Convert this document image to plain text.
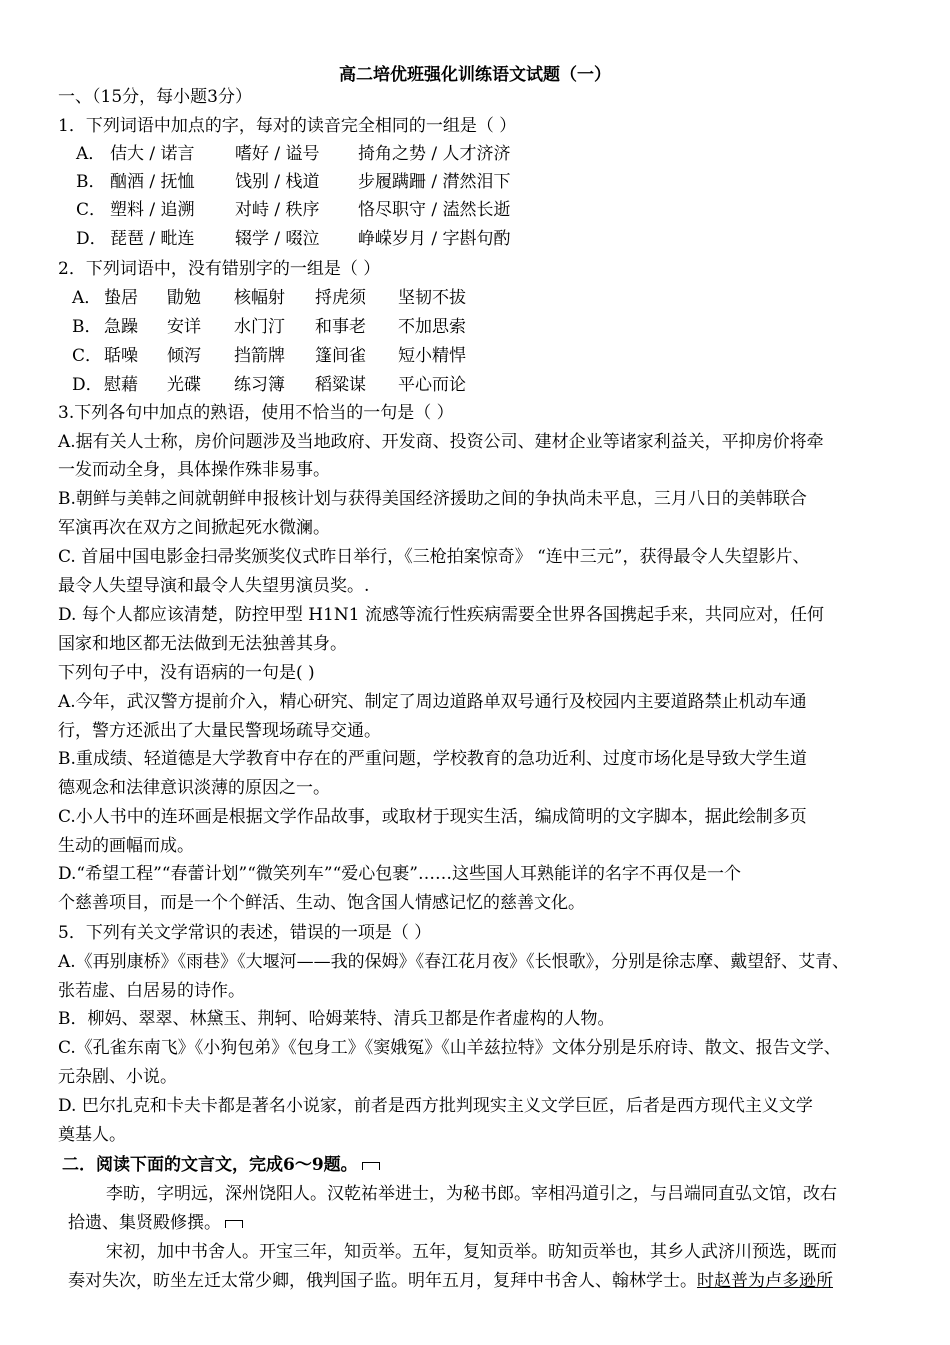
高二培优班强化训练语文试题（一）
一、（15分，每小题3分）
1．下列词语中加点的字，每对的读音完全相同的一组是（ ）
A． 佶大 / 诺言 嗜好 / 谥号 掎角之势 / 人才济济
B． 酗酒 / 抚恤 饯别 / 栈道 步履蹒跚 / 潸然泪下
C． 塑料 / 追溯 对峙 / 秩序 恪尽职守 / 溘然长逝
D． 琵琶 / 毗连 辍学 / 啜泣 峥嵘岁月 / 字斟句酌
2．下列词语中，没有错别字的一组是（ ）
A． 蛰居 勖勉 核幅射 捋虎须 坚韧不拔
B． 急躁 安详 水门汀 和事老 不加思索
C． 聒噪 倾泻 挡箭牌 篷间雀 短小精悍
D． 慰藉 光碟 练习簿 稻粱谋 平心而论
3.下列各句中加点的熟语，使用不恰当的一句是（ ）
A.据有关人士称，房价问题涉及当地政府、开发商、投资公司、建材企业等诸家利益关，平抑房价将牵
一发而动全身，具体操作殊非易事。
B.朝鲜与美韩之间就朝鲜申报核计划与获得美国经济援助之间的争执尚未平息，三月八日的美韩联合
军演再次在双方之间掀起死水微澜。
C. 首届中国电影金扫帚奖颁奖仪式昨日举行，《三枪拍案惊奇》 “连中三元”，获得最令人失望影片、
最令人失望导演和最令人失望男演员奖。.
D. 每个人都应该清楚，防控甲型 H1N1 流感等流行性疾病需要全世界各国携起手来，共同应对，任何
国家和地区都无法做到无法独善其身。
下列句子中，没有语病的一句是( )
A.今年，武汉警方提前介入，精心研究、制定了周边道路单双号通行及校园内主要道路禁止机动车通
行，警方还派出了大量民警现场疏导交通。
B.重成绩、轻道德是大学教育中存在的严重问题，学校教育的急功近利、过度市场化是导致大学生道
德观念和法律意识淡薄的原因之一。
C.小人书中的连环画是根据文学作品故事，或取材于现实生活，编成简明的文字脚本，据此绘制多页
生动的画幅而成。
D.“希望工程”“春蕾计划”“微笑列车”“爱心包裹”……这些国人耳熟能详的名字不再仅是一个
个慈善项目，而是一个个鲜活、生动、饱含国人情感记忆的慈善文化。
5．下列有关文学常识的表述，错误的一项是（ ）
A.《再别康桥》《雨巷》《大堰河——我的保姆》《春江花月夜》《长恨歌》，分别是徐志摩、戴望舒、艾青、
张若虚、白居易的诗作。
B．柳妈、翠翠、林黛玉、荆轲、哈姆莱特、清兵卫都是作者虚构的人物。
C.《孔雀东南飞》《小狗包弟》《包身工》《窦娥冤》《山羊兹拉特》文体分别是乐府诗、散文、报告文学、
元杂剧、小说。
D. 巴尔扎克和卡夫卡都是著名小说家，前者是西方批判现实主义文学巨匠，后者是西方现代主义文学
奠基人。
二．阅读下面的文言文，完成6～9题。
李昉，字明远，深州饶阳人。汉乾祐举进士，为秘书郎。宰相冯道引之，与吕端同直弘文馆，改右
拾遗、集贤殿修撰。
宋初，加中书舍人。开宝三年，知贡举。五年，复知贡举。昉知贡举也，其乡人武济川预选，既而
奏对失次，昉坐左迁太常少卿，俄判国子监。明年五月，复拜中书舍人、翰林学士。时赵普为卢多逊所
